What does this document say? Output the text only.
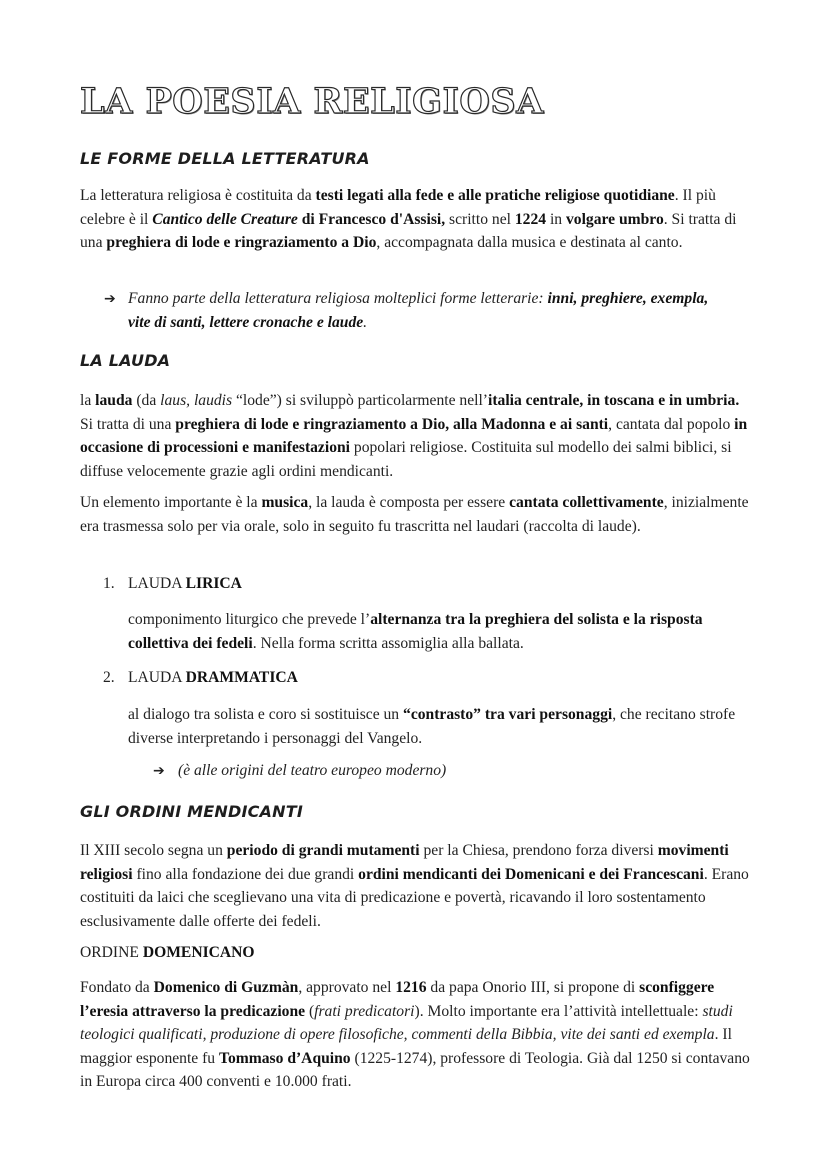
LA POESIA RELIGIOSA
LE FORME DELLA LETTERATURA

La letteratura religiosa è costituita da testi legati alla fede e alle pratiche religiose quotidiane. Il più celebre è il Cantico delle Creature di Francesco d'Assisi, scritto nel 1224 in volgare umbro. Si tratta di una preghiera di lode e ringraziamento a Dio, accompagnata dalla musica e destinata al canto.

➔ Fanno parte della letteratura religiosa molteplici forme letterarie: inni, preghiere, exempla, vite di santi, lettere cronache e laude.

LA LAUDA

la lauda (da laus, laudis “lode”) si sviluppò particolarmente nell’italia centrale, in toscana e in umbria. Si tratta di una preghiera di lode e ringraziamento a Dio, alla Madonna e ai santi, cantata dal popolo in occasione di processioni e manifestazioni popolari religiose. Costituita sul modello dei salmi biblici, si diffuse velocemente grazie agli ordini mendicanti.

Un elemento importante è la musica, la lauda è composta per essere cantata collettivamente, inizialmente era trasmessa solo per via orale, solo in seguito fu trascritta nel laudari (raccolta di laude).

1. LAUDA LIRICA

componimento liturgico che prevede l’alternanza tra la preghiera del solista e la risposta collettiva dei fedeli. Nella forma scritta assomiglia alla ballata.

2. LAUDA DRAMMATICA

al dialogo tra solista e coro si sostituisce un “contrasto” tra vari personaggi, che recitano strofe diverse interpretando i personaggi del Vangelo.

➔ (è alle origini del teatro europeo moderno)

GLI ORDINI MENDICANTI

Il XIII secolo segna un periodo di grandi mutamenti per la Chiesa, prendono forza diversi movimenti religiosi fino alla fondazione dei due grandi ordini mendicanti dei Domenicani e dei Francescani. Erano costituiti da laici che sceglievano una vita di predicazione e povertà, ricavando il loro sostentamento esclusivamente dalle offerte dei fedeli.

ORDINE DOMENICANO

Fondato da Domenico di Guzmàn, approvato nel 1216 da papa Onorio III, si propone di sconfiggere l’eresia attraverso la predicazione (frati predicatori). Molto importante era l’attività intellettuale: studi teologici qualificati, produzione di opere filosofiche, commenti della Bibbia, vite dei santi ed exempla. Il maggior esponente fu Tommaso d’Aquino (1225-1274), professore di Teologia. Già dal 1250 si contavano in Europa circa 400 conventi e 10.000 frati.
